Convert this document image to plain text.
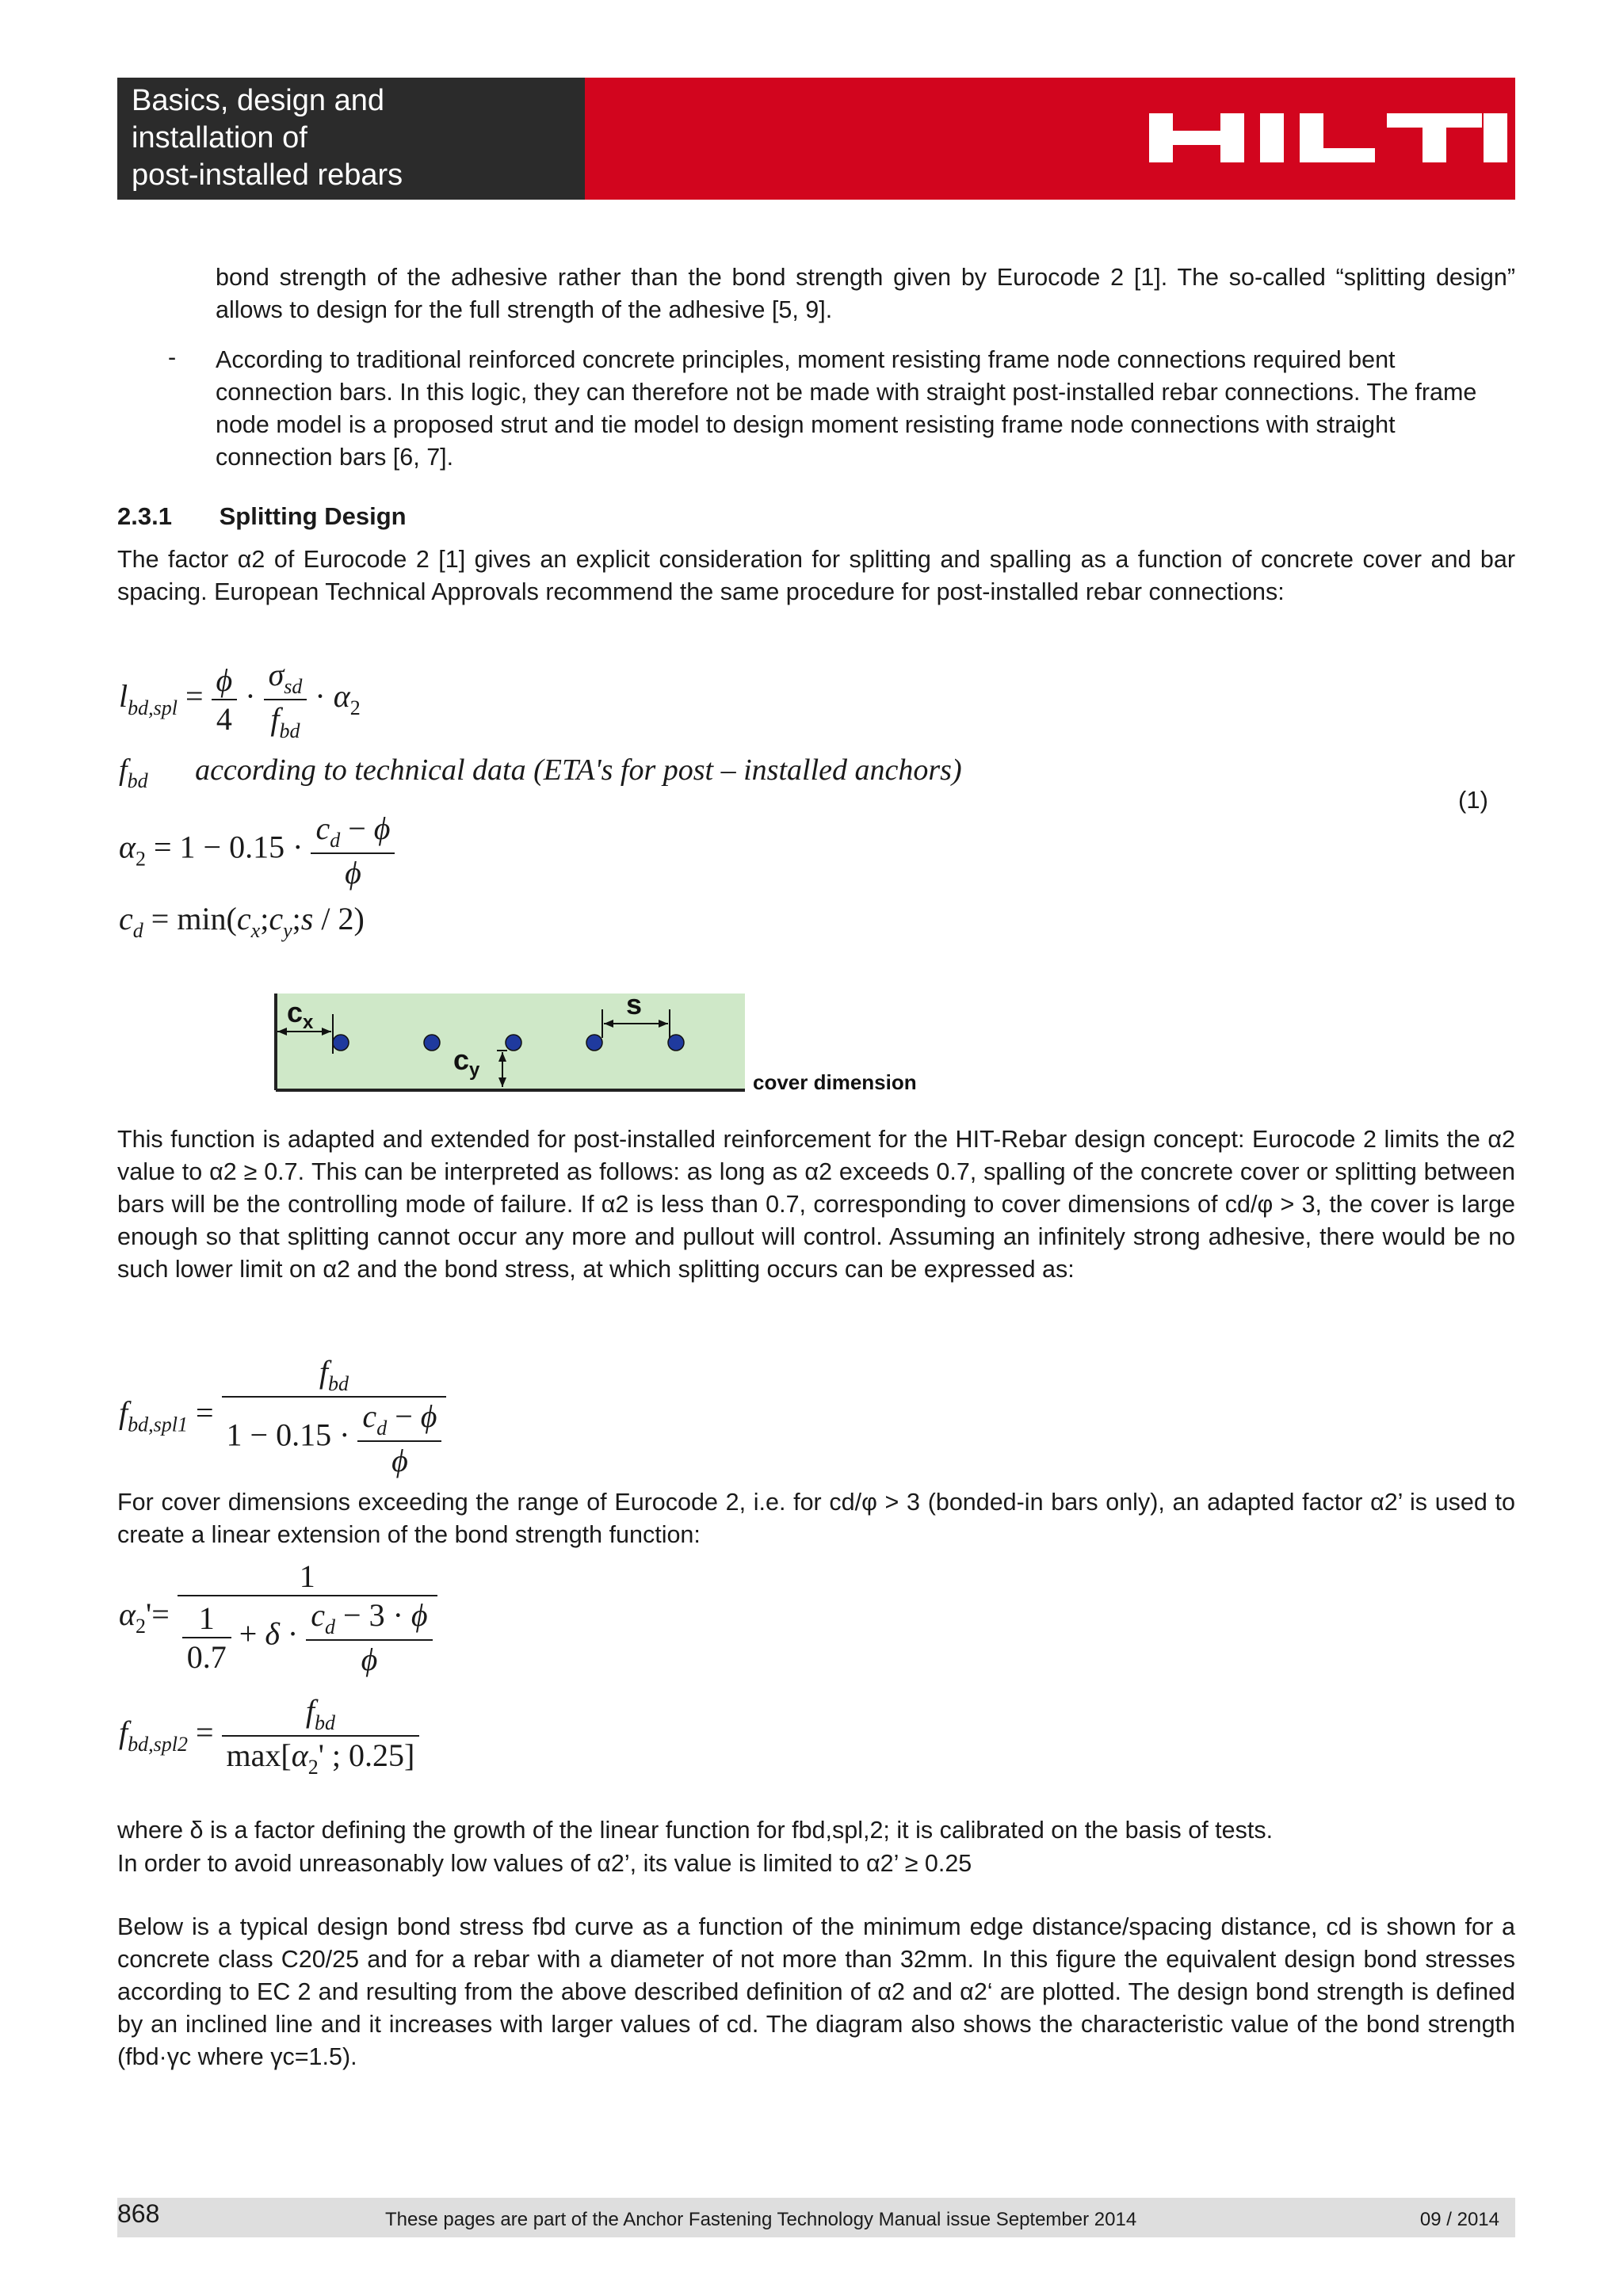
Basics, design and
installation of
post-installed rebars
bond strength of the adhesive rather than the bond strength given by Eurocode 2 [1]. The so-called “splitting design” allows to design for the full strength of the adhesive [5, 9].
- According to traditional reinforced concrete principles, moment resisting frame node connections required bent connection bars. In this logic, they can therefore not be made with straight post-installed rebar connections. The frame node model is a proposed strut and tie model to design moment resisting frame node connections with straight connection bars [6, 7].
2.3.1 Splitting Design
The factor α2 of Eurocode 2 [1] gives an explicit consideration for splitting and spalling as a function of concrete cover and bar spacing. European Technical Approvals recommend the same procedure for post-installed rebar connections:
$l_{bd,spl} = \frac{\phi}{4} \cdot \frac{\sigma_{sd}}{f_{bd}} \cdot \alpha_2$
$f_{bd}$ according to technical data (ETA's for post – installed anchors)
(1)
$\alpha_2 = 1 - 0.15 \cdot \frac{c_d - \phi}{\phi}$
$c_d$ = $\min(c_x;c_y;s / 2)$
$c_x$
$c_y$
s
cover dimension
This function is adapted and extended for post-installed reinforcement for the HIT-Rebar design concept: Eurocode 2 limits the α2 value to α2 ≥ 0.7. This can be interpreted as follows: as long as α2 exceeds 0.7, spalling of the concrete cover or splitting between bars will be the controlling mode of failure. If α2 is less than 0.7, corresponding to cover dimensions of cd/φ > 3, the cover is large enough so that splitting cannot occur any more and pullout will control. Assuming an infinitely strong adhesive, there would be no such lower limit on α2 and the bond stress, at which splitting occurs can be expressed as:
$f_{bd,spl1} = \frac{f_{bd}}{1 - 0.15 \cdot \frac{c_d - \phi}{\phi}}$
For cover dimensions exceeding the range of Eurocode 2, i.e. for cd/φ > 3 (bonded-in bars only), an adapted factor α2’ is used to create a linear extension of the bond strength function:
$\alpha_2'= \frac{1}{\frac{1}{0.7} + \delta \cdot \frac{c_d - 3 \cdot \phi}{\phi}}$
$f_{bd,spl2} = \frac{f_{bd}}{\max[\alpha_2' ; 0.25]}$
where δ is a factor defining the growth of the linear function for fbd,spl,2; it is calibrated on the basis of tests.
In order to avoid unreasonably low values of α2’, its value is limited to α2’ ≥ 0.25
Below is a typical design bond stress fbd curve as a function of the minimum edge distance/spacing distance, cd is shown for a concrete class C20/25 and for a rebar with a diameter of not more than 32mm. In this figure the equivalent design bond stresses according to EC 2 and resulting from the above described definition of α2 and α2‘ are plotted. The design bond strength is defined by an inclined line and it increases with larger values of cd. The diagram also shows the characteristic value of the bond strength (fbd·γc where γc=1.5).
868	These pages are part of the Anchor Fastening Technology Manual issue September 2014	09 / 2014
